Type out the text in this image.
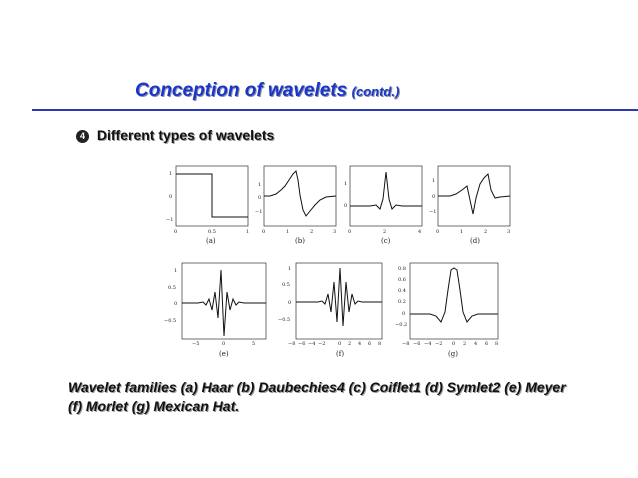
Conception of wavelets (contd.)
4 Different types of wavelets
1
0
−1
0	0.5	1
(a)
1
0
−1
0	1	2	3
(b)
1
0
0	2	4
(c)
1
0
−1
0	1	2	3
(d)
1
0.5
0
−0.5
−5	0	5
(e)
1
0.5
0
−0.5
−8 −6 −4 −2	0 2 4 6 8
(f)
0.8
0.6
0.4
0.2
0
−0.2
−8 −6 −4 −2 0 2 4 6 8
(g)
Wavelet families (a) Haar (b) Daubechies4 (c) Coiflet1 (d) Symlet2 (e) Meyer
(f) Morlet (g) Mexican Hat.
